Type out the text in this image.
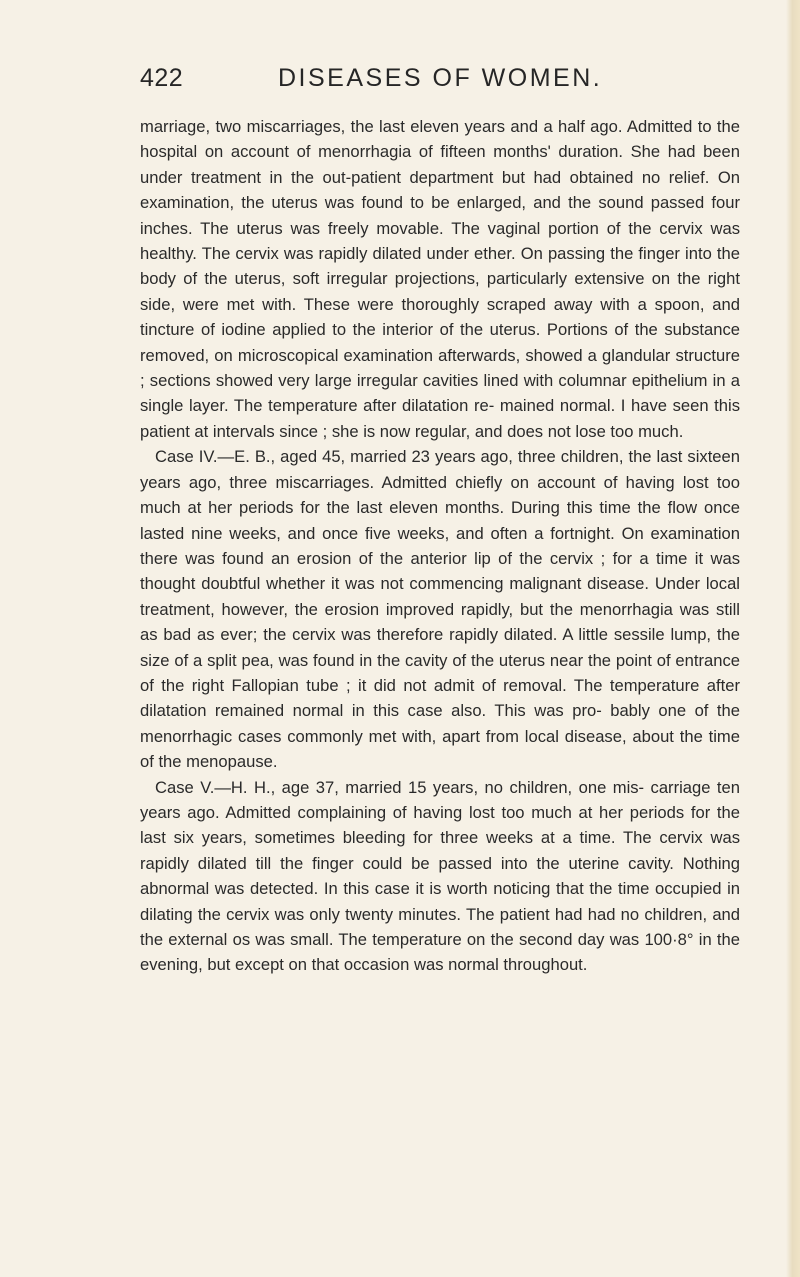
422	DISEASES OF WOMEN.

marriage, two miscarriages, the last eleven years and a half ago. Admitted to the hospital on account of menorrhagia of fifteen months' duration. She had been under treatment in the out-patient department but had obtained no relief. On examination, the uterus was found to be enlarged, and the sound passed four inches. The uterus was freely movable. The vaginal portion of the cervix was healthy. The cervix was rapidly dilated under ether. On passing the finger into the body of the uterus, soft irregular projections, particularly extensive on the right side, were met with. These were thoroughly scraped away with a spoon, and tincture of iodine applied to the interior of the uterus. Portions of the substance removed, on microscopical examination afterwards, showed a glandular structure ; sections showed very large irregular cavities lined with columnar epithelium in a single layer. The temperature after dilatation re- mained normal. I have seen this patient at intervals since ; she is now regular, and does not lose too much.

Case IV.—E. B., aged 45, married 23 years ago, three children, the last sixteen years ago, three miscarriages. Admitted chiefly on account of having lost too much at her periods for the last eleven months. During this time the flow once lasted nine weeks, and once five weeks, and often a fortnight. On examination there was found an erosion of the anterior lip of the cervix ; for a time it was thought doubtful whether it was not commencing malignant disease. Under local treatment, however, the erosion improved rapidly, but the menorrhagia was still as bad as ever; the cervix was therefore rapidly dilated. A little sessile lump, the size of a split pea, was found in the cavity of the uterus near the point of entrance of the right Fallopian tube ; it did not admit of removal. The temperature after dilatation remained normal in this case also. This was pro- bably one of the menorrhagic cases commonly met with, apart from local disease, about the time of the menopause.

Case V.—H. H., age 37, married 15 years, no children, one mis- carriage ten years ago. Admitted complaining of having lost too much at her periods for the last six years, sometimes bleeding for three weeks at a time. The cervix was rapidly dilated till the finger could be passed into the uterine cavity. Nothing abnormal was detected. In this case it is worth noticing that the time occupied in dilating the cervix was only twenty minutes. The patient had had no children, and the external os was small. The temperature on the second day was 100·8° in the evening, but except on that occasion was normal throughout.
